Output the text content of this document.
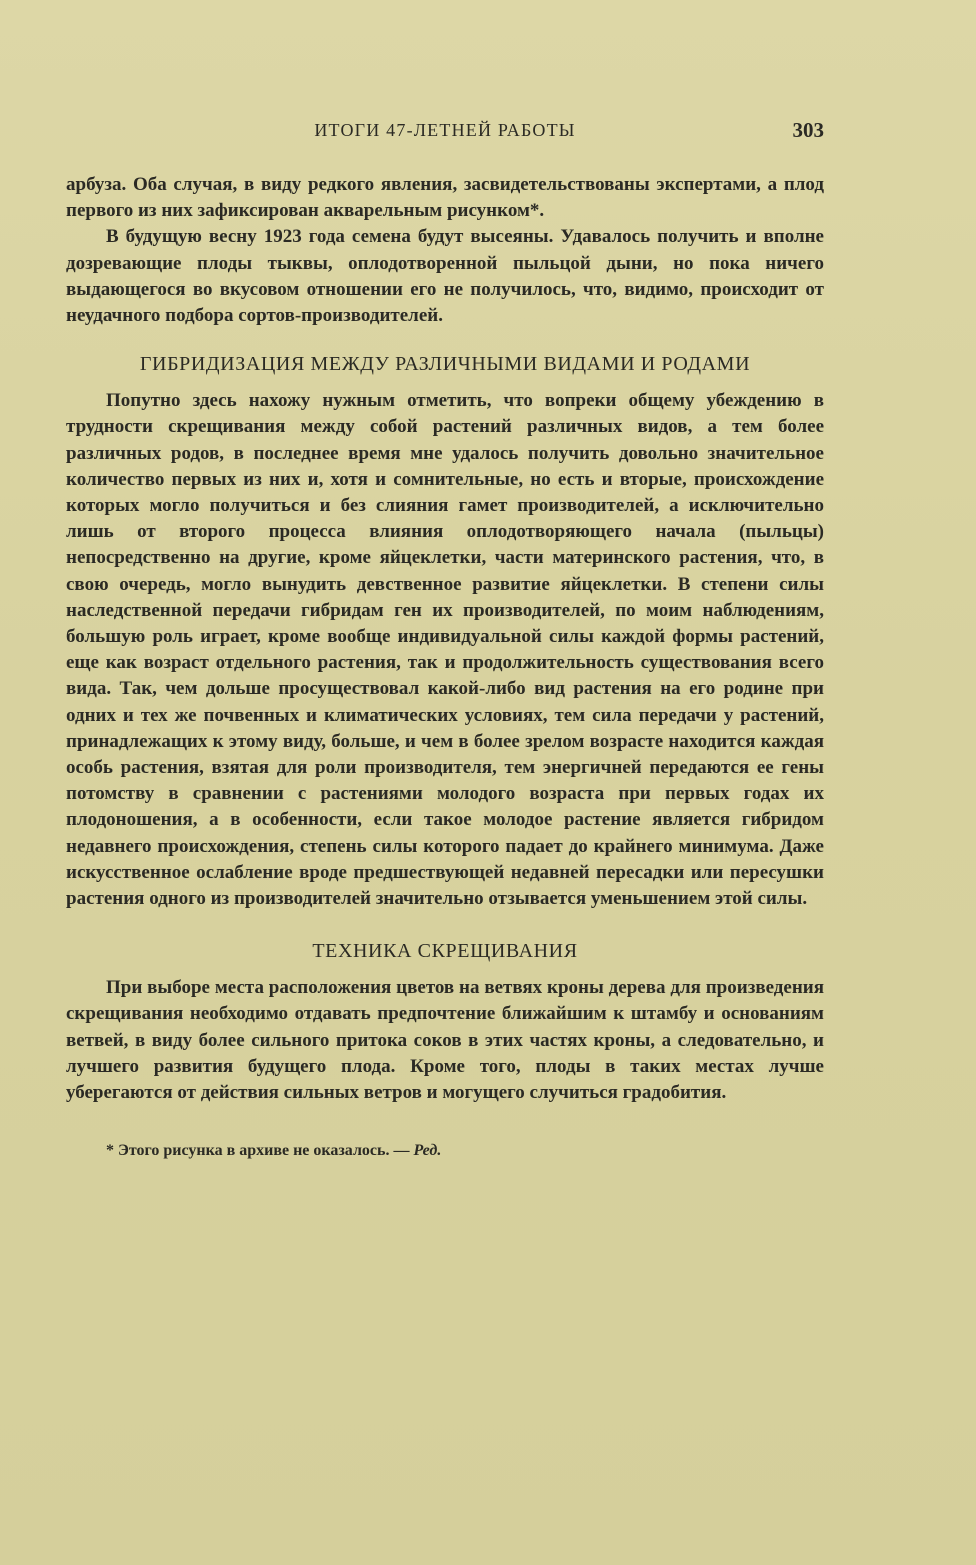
ИТОГИ 47-ЛЕТНЕЙ РАБОТЫ	303

арбуза. Оба случая, в виду редкого явления, засвидетельствованы экспертами, а плод первого из них зафиксирован акварельным рисунком*.

В будущую весну 1923 года семена будут высеяны. Удавалось получить и вполне дозревающие плоды тыквы, оплодотворенной пыльцой дыни, но пока ничего выдающегося во вкусовом отношении его не получилось, что, видимо, происходит от неудачного подбора сортов-производителей.

ГИБРИДИЗАЦИЯ МЕЖДУ РАЗЛИЧНЫМИ ВИДАМИ И РОДАМИ

Попутно здесь нахожу нужным отметить, что вопреки общему убеждению в трудности скрещивания между собой растений различных видов, а тем более различных родов, в последнее время мне удалось получить довольно значительное количество первых из них и, хотя и сомнительные, но есть и вторые, происхождение которых могло получиться и без слияния гамет производителей, а исключительно лишь от второго процесса влияния оплодотворяющего начала (пыльцы) непосредственно на другие, кроме яйцеклетки, части материнского растения, что, в свою очередь, могло вынудить девственное развитие яйцеклетки. В степени силы наследственной передачи гибридам ген их производителей, по моим наблюдениям, большую роль играет, кроме вообще индивидуальной силы каждой формы растений, еще как возраст отдельного растения, так и продолжительность существования всего вида. Так, чем дольше просуществовал какой-либо вид растения на его родине при одних и тех же почвенных и климатических условиях, тем сила передачи у растений, принадлежащих к этому виду, больше, и чем в более зрелом возрасте находится каждая особь растения, взятая для роли производителя, тем энергичней передаются ее гены потомству в сравнении с растениями молодого возраста при первых годах их плодоношения, а в особенности, если такое молодое растение является гибридом недавнего происхождения, степень силы которого падает до крайнего минимума. Даже искусственное ослабление вроде предшествующей недавней пересадки или пересушки растения одного из производителей значительно отзывается уменьшением этой силы.

ТЕХНИКА СКРЕЩИВАНИЯ

При выборе места расположения цветов на ветвях кроны дерева для произведения скрещивания необходимо отдавать предпочтение ближайшим к штамбу и основаниям ветвей, в виду более сильного притока соков в этих частях кроны, а следовательно, и лучшего развития будущего плода. Кроме того, плоды в таких местах лучше уберегаются от действия сильных ветров и могущего случиться градобития.

* Этого рисунка в архиве не оказалось. — Ред.
